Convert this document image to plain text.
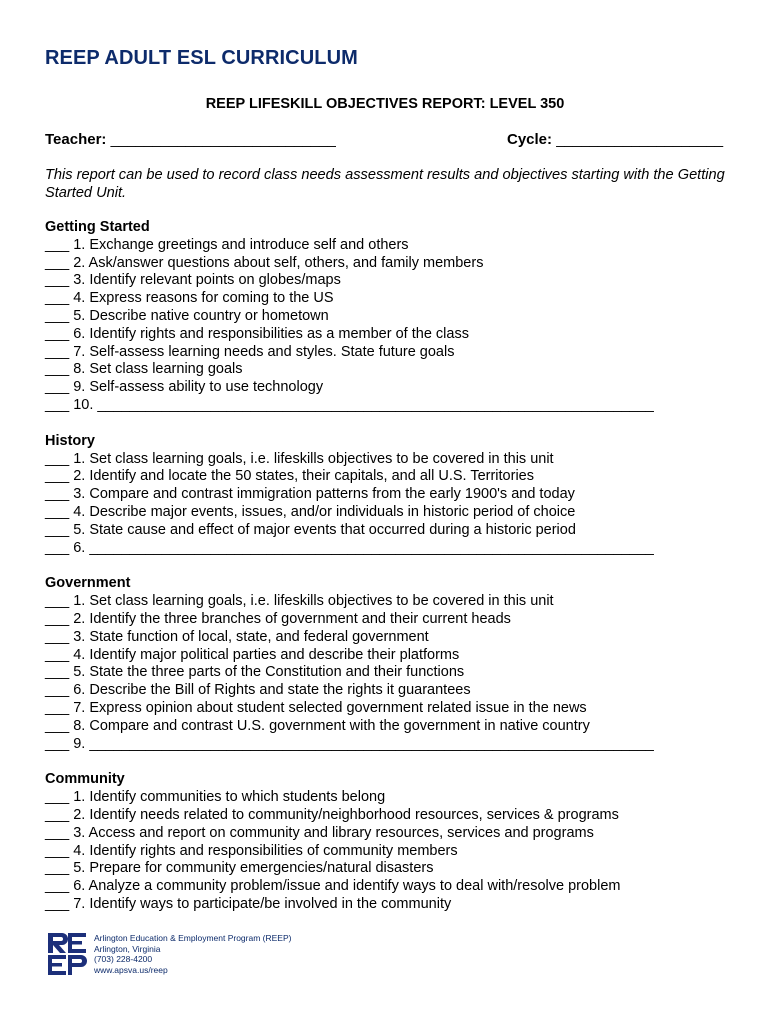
REEP ADULT ESL CURRICULUM
REEP LIFESKILL OBJECTIVES REPORT: LEVEL 350
Teacher: ___________________________	Cycle: ____________________
This report can be used to record class needs assessment results and objectives starting with the Getting Started Unit.
Getting Started
___ 1. Exchange greetings and introduce self and others
___ 2. Ask/answer questions about self, others, and family members
___ 3. Identify relevant points on globes/maps
___ 4. Express reasons for coming to the US
___ 5. Describe native country or hometown
___ 6. Identify rights and responsibilities as a member of the class
___ 7. Self-assess learning needs and styles. State future goals
___ 8. Set class learning goals
___ 9. Self-assess ability to use technology
___ 10. _____________________________________________________________________
History
___ 1. Set class learning goals, i.e. lifeskills objectives to be covered in this unit
___ 2. Identify and locate the 50 states, their capitals, and all U.S. Territories
___ 3. Compare and contrast immigration patterns from the early 1900's and today
___ 4. Describe major events, issues, and/or individuals in historic period of choice
___ 5. State cause and effect of major events that occurred during a historic period
___ 6. ______________________________________________________________________
Government
___ 1. Set class learning goals, i.e. lifeskills objectives to be covered in this unit
___ 2. Identify the three branches of government and their current heads
___ 3. State function of local, state, and federal government
___ 4. Identify major political parties and describe their platforms
___ 5. State the three parts of the Constitution and their functions
___ 6. Describe the Bill of Rights and state the rights it guarantees
___ 7. Express opinion about student selected government related issue in the news
___ 8. Compare and contrast U.S. government with the government in native country
___ 9. ______________________________________________________________________
Community
___ 1. Identify communities to which students belong
___ 2. Identify needs related to community/neighborhood resources, services & programs
___ 3. Access and report on community and library resources, services and programs
___ 4. Identify rights and responsibilities of community members
___ 5. Prepare for community emergencies/natural disasters
___ 6. Analyze a community problem/issue and identify ways to deal with/resolve problem
___ 7. Identify ways to participate/be involved in the community
Arlington Education & Employment Program (REEP)
Arlington, Virginia
(703) 228-4200
www.apsva.us/reep
